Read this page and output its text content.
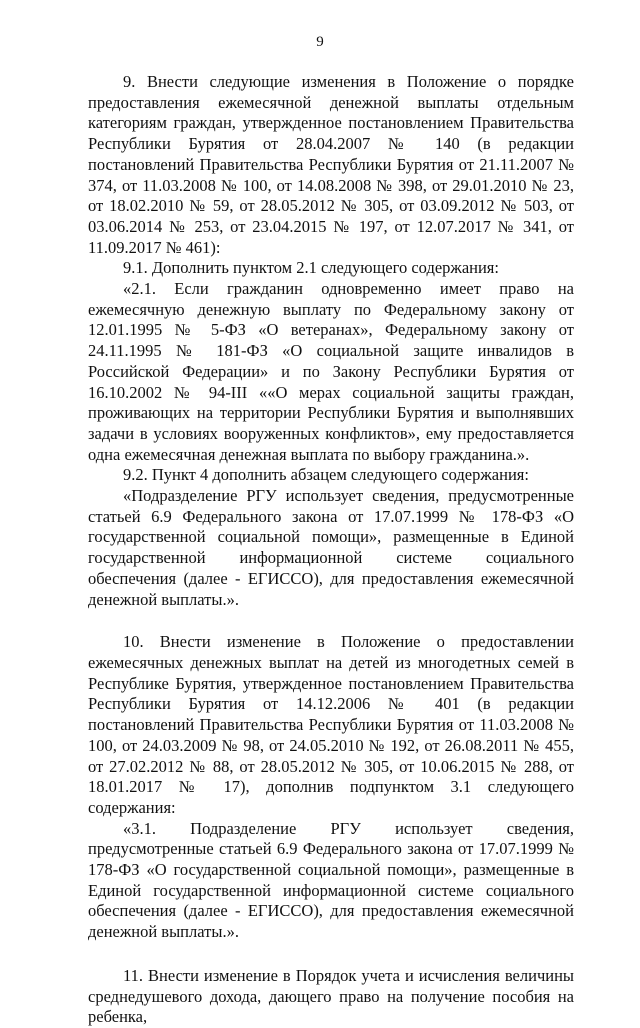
9

9. Внести следующие изменения в Положение о порядке предоставления ежемесячной денежной выплаты отдельным категориям граждан, утвержденное постановлением Правительства Республики Бурятия от 28.04.2007 № 140 (в редакции постановлений Правительства Республики Бурятия от 21.11.2007 № 374, от 11.03.2008 № 100, от 14.08.2008 № 398, от 29.01.2010 № 23, от 18.02.2010 № 59, от 28.05.2012 № 305, от 03.09.2012 № 503, от 03.06.2014 № 253, от 23.04.2015 № 197, от 12.07.2017 № 341, от 11.09.2017 № 461):

9.1. Дополнить пунктом 2.1 следующего содержания:

«2.1. Если гражданин одновременно имеет право на ежемесячную денежную выплату по Федеральному закону от 12.01.1995 № 5-ФЗ «О ветеранах», Федеральному закону от 24.11.1995 № 181-ФЗ «О социальной защите инвалидов в Российской Федерации» и по Закону Республики Бурятия от 16.10.2002 № 94-III ««О мерах социальной защиты граждан, проживающих на территории Республики Бурятия и выполнявших задачи в условиях вооруженных конфликтов», ему предоставляется одна ежемесячная денежная выплата по выбору гражданина.».

9.2. Пункт 4 дополнить абзацем следующего содержания:

«Подразделение РГУ использует сведения, предусмотренные статьей 6.9 Федерального закона от 17.07.1999 № 178-ФЗ «О государственной социальной помощи», размещенные в Единой государственной информационной системе социального обеспечения (далее - ЕГИССО), для предоставления ежемесячной денежной выплаты.».

10. Внести изменение в Положение о предоставлении ежемесячных денежных выплат на детей из многодетных семей в Республике Бурятия, утвержденное постановлением Правительства Республики Бурятия от 14.12.2006 № 401 (в редакции постановлений Правительства Республики Бурятия от 11.03.2008 № 100, от 24.03.2009 № 98, от 24.05.2010 № 192, от 26.08.2011 № 455, от 27.02.2012 № 88, от 28.05.2012 № 305, от 10.06.2015 № 288, от 18.01.2017 № 17), дополнив подпунктом 3.1 следующего содержания:

«3.1. Подразделение РГУ использует сведения, предусмотренные статьей 6.9 Федерального закона от 17.07.1999 № 178-ФЗ «О государственной социальной помощи», размещенные в Единой государственной информационной системе социального обеспечения (далее - ЕГИССО), для предоставления ежемесячной денежной выплаты.».

11. Внести изменение в Порядок учета и исчисления величины среднедушевого дохода, дающего право на получение пособия на ребенка,
